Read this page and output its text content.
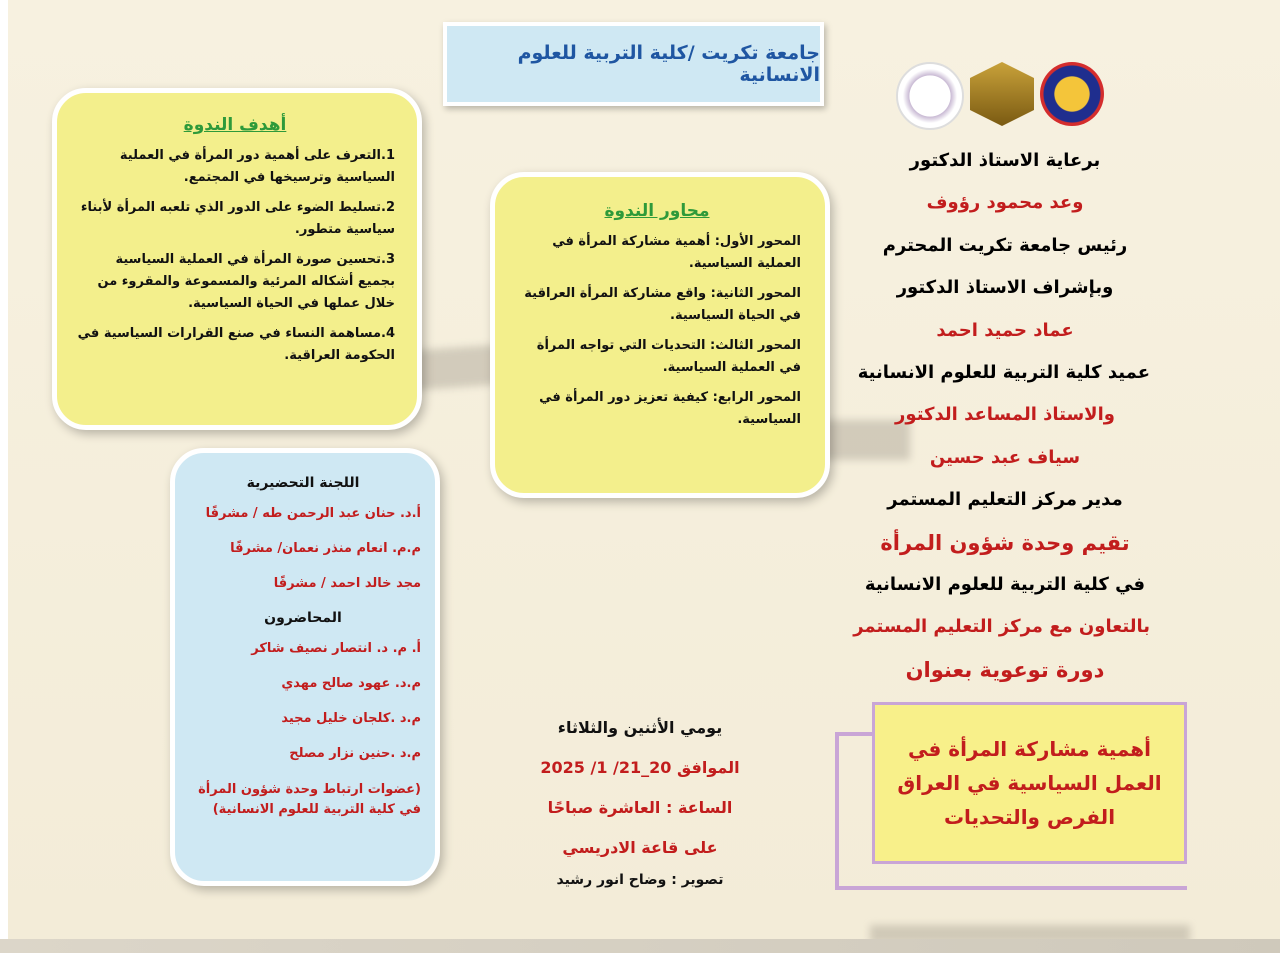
جامعة تكريت /كلية التربية للعلوم الانسانية
برعاية الاستاذ الدكتور
وعد محمود رؤوف
رئيس جامعة تكريت المحترم
وبإشراف الاستاذ الدكتور
عماد حميد احمد
عميد كلية التربية للعلوم الانسانية
والاستاذ المساعد الدكتور
سياف عبد حسين
مدير مركز التعليم المستمر
تقيم وحدة شؤون المرأة
في كلية التربية للعلوم الانسانية
بالتعاون مع مركز التعليم المستمر
دورة توعوية بعنوان
أهمية مشاركة المرأة في العمل السياسية في العراق الفرص والتحديات
أهدف الندوة
1.التعرف على أهمية دور المرأة في العملية السياسية وترسيخها في المجتمع.
2.تسليط الضوء على الدور الذي تلعبه المرأة لأبناء سياسية متطور.
3.تحسين صورة المرأة في العملية السياسية بجميع أشكاله المرئية والمسموعة والمقروء من خلال عملها في الحياة السياسية.
4.مساهمة النساء في صنع القرارات السياسية في الحكومة العراقية.
محاور الندوة
المحور الأول: أهمية مشاركة المرأة في العملية السياسية.
المحور الثانية: واقع مشاركة المرأة العراقية في الحياة السياسية.
المحور الثالث: التحديات التي تواجه المرأة في العملية السياسية.
المحور الرابع: كيفية تعزيز دور المرأة في السياسية.
اللجنة التحضيرية
أ.د. حنان عبد الرحمن طه / مشرفًا
م.م. انعام منذر نعمان/ مشرفًا
مجد خالد احمد / مشرفًا
المحاضرون
أ. م. د. انتصار نصيف شاكر
م.د. عهود صالح مهدي
م.د .كلجان خليل مجيد
م.د .حنين نزار مصلح
(عضوات ارتباط وحدة شؤون المرأة في كلية التربية للعلوم الانسانية)
يومي الأثنين والثلاثاء
الموافق 20_21/ 1/ 2025
الساعة : العاشرة صباحًا
على قاعة الادريسي
تصوير : وضاح انور رشيد
